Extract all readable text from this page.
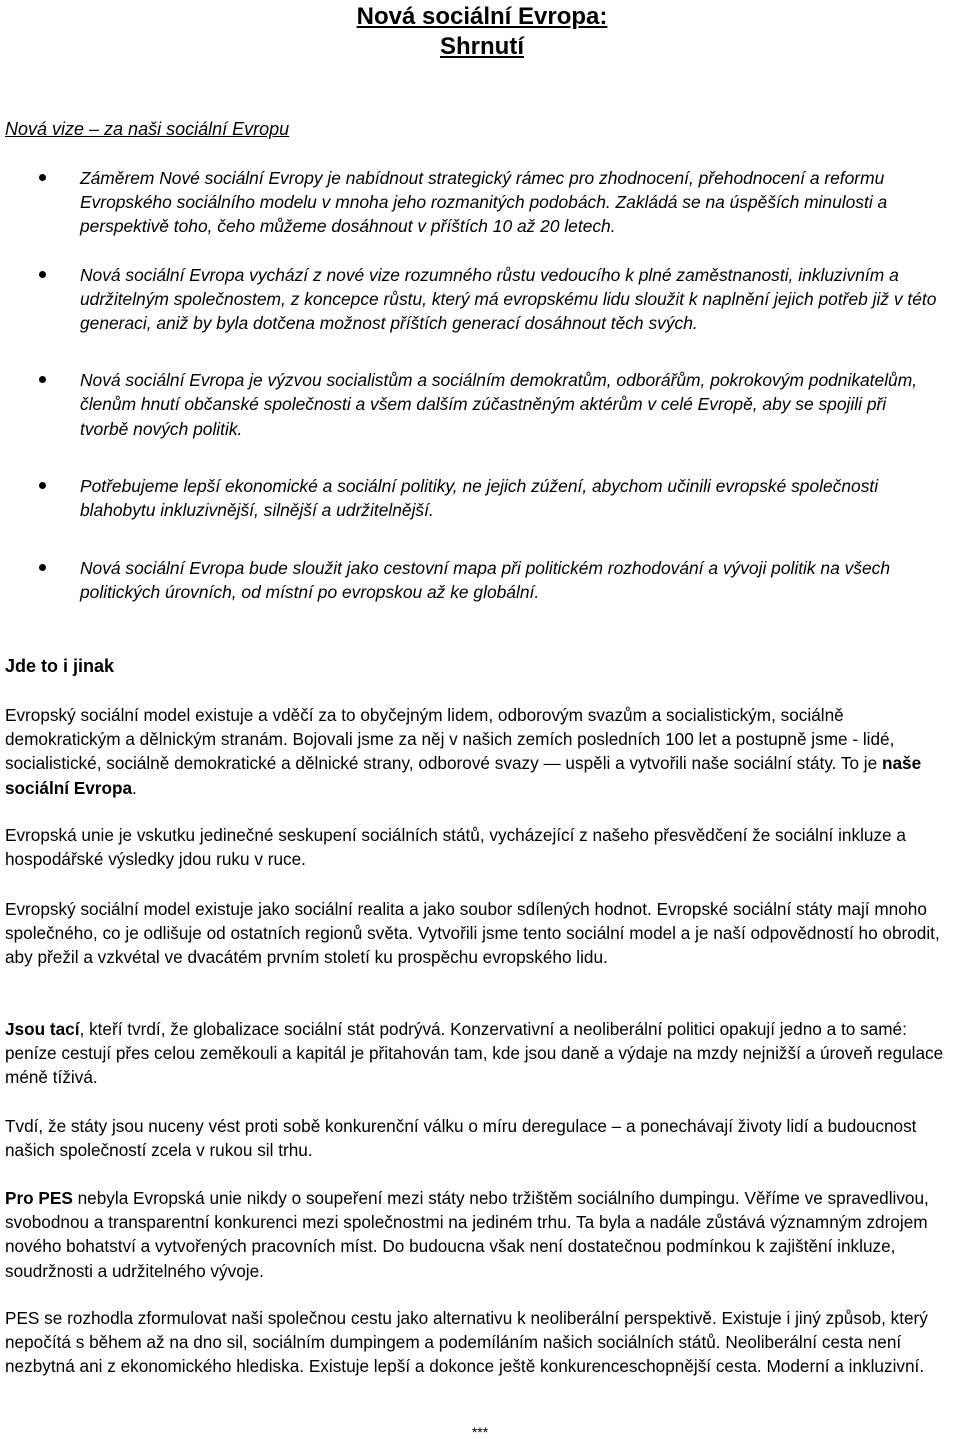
Nová sociální Evropa:
Shrnutí

Nová vize – za naši sociální Evropu

Záměrem Nové sociální Evropy je nabídnout strategický rámec pro zhodnocení, přehodnocení a reformu Evropského sociálního modelu v mnoha jeho rozmanitých podobách. Zakládá se na úspěších minulosti a perspektivě toho, čeho můžeme dosáhnout v příštích 10 až 20 letech.
Nová sociální Evropa vychází z nové vize rozumného růstu vedoucího k plné zaměstnanosti, inkluzivním a udržitelným společnostem, z koncepce růstu, který má evropskému lidu sloužit k naplnění jejich potřeb již v této generaci, aniž by byla dotčena možnost příštích generací dosáhnout těch svých.
Nová sociální Evropa je výzvou socialistům a sociálním demokratům, odborářům, pokrokovým podnikatelům, členům hnutí občanské společnosti a všem dalším zúčastněným aktérům v celé Evropě, aby se spojili při tvorbě nových politik.
Potřebujeme lepší ekonomické a sociální politiky, ne jejich zúžení, abychom učinili evropské společnosti blahobytu inkluzivnější, silnější a udržitelnější.
Nová sociální Evropa bude sloužit jako cestovní mapa při politickém rozhodování a vývoji politik na všech politických úrovních, od místní po evropskou až ke globální.

Jde to i jinak

Evropský sociální model existuje a vděčí za to obyčejným lidem, odborovým svazům a socialistickým, sociálně demokratickým a dělnickým stranám. Bojovali jsme za něj v našich zemích posledních 100 let a postupně jsme - lidé, socialistické, sociálně demokratické a dělnické strany, odborové svazy — uspěli a vytvořili naše sociální státy. To je naše sociální Evropa.

Evropská unie je vskutku jedinečné seskupení sociálních států, vycházející z našeho přesvědčení že sociální inkluze a hospodářské výsledky jdou ruku v ruce.

Evropský sociální model existuje jako sociální realita a jako soubor sdílených hodnot. Evropské sociální státy mají mnoho společného, co je odlišuje od ostatních regionů světa. Vytvořili jsme tento sociální model a je naší odpovědností ho obrodit, aby přežil a vzkvétal ve dvacátém prvním století ku prospěchu evropského lidu.

Jsou tací, kteří tvrdí, že globalizace sociální stát podrývá. Konzervativní a neoliberální politici opakují jedno a to samé: peníze cestují přes celou zeměkouli a kapitál je přitahován tam, kde jsou daně a výdaje na mzdy nejnižší a úroveň regulace méně tíživá.

Tvdí, že státy jsou nuceny vést proti sobě konkurenční válku o míru deregulace – a ponechávají životy lidí a budoucnost našich společností zcela v rukou sil trhu.

Pro PES nebyla Evropská unie nikdy o soupeření mezi státy nebo tržištěm sociálního dumpingu. Věříme ve spravedlivou, svobodnou a transparentní konkurenci mezi společnostmi na jediném trhu. Ta byla a nadále zůstává významným zdrojem nového bohatství a vytvořených pracovních míst. Do budoucna však není dostatečnou podmínkou k zajištění inkluze, soudržnosti a udržitelného vývoje.

PES se rozhodla zformulovat naši společnou cestu jako alternativu k neoliberální perspektivě. Existuje i jiný způsob, který nepočítá s během až na dno sil, sociálním dumpingem a podemíláním našich sociálních států. Neoliberální cesta není nezbytná ani z ekonomického hlediska. Existuje lepší a dokonce ještě konkurenceschopnější cesta. Moderní a inkluzivní.

***
